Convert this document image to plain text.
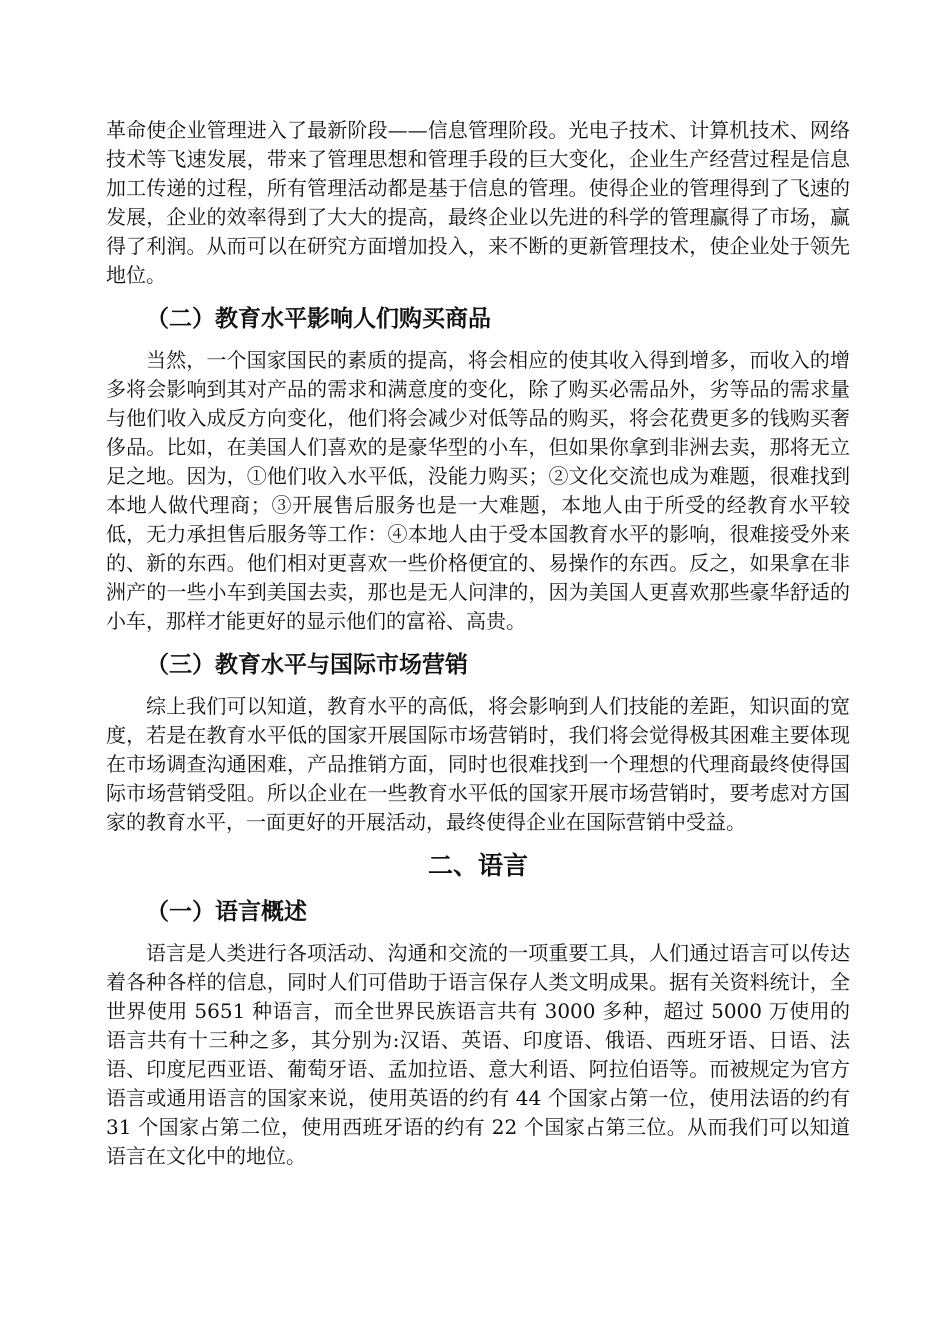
革命使企业管理进入了最新阶段——信息管理阶段。光电子技术、计算机技术、网络技术等飞速发展，带来了管理思想和管理手段的巨大变化，企业生产经营过程是信息加工传递的过程，所有管理活动都是基于信息的管理。使得企业的管理得到了飞速的发展，企业的效率得到了大大的提高，最终企业以先进的科学的管理赢得了市场，赢得了利润。从而可以在研究方面增加投入，来不断的更新管理技术，使企业处于领先地位。

（二）教育水平影响人们购买商品

当然，一个国家国民的素质的提高，将会相应的使其收入得到增多，而收入的增多将会影响到其对产品的需求和满意度的变化，除了购买必需品外，劣等品的需求量与他们收入成反方向变化，他们将会减少对低等品的购买，将会花费更多的钱购买奢侈品。比如，在美国人们喜欢的是豪华型的小车，但如果你拿到非洲去卖，那将无立足之地。因为，①他们收入水平低，没能力购买；②文化交流也成为难题，很难找到本地人做代理商；③开展售后服务也是一大难题，本地人由于所受的经教育水平较低，无力承担售后服务等工作：④本地人由于受本国教育水平的影响，很难接受外来的、新的东西。他们相对更喜欢一些价格便宜的、易操作的东西。反之，如果拿在非洲产的一些小车到美国去卖，那也是无人问津的，因为美国人更喜欢那些豪华舒适的小车，那样才能更好的显示他们的富裕、高贵。

（三）教育水平与国际市场营销

综上我们可以知道，教育水平的高低，将会影响到人们技能的差距，知识面的宽度，若是在教育水平低的国家开展国际市场营销时，我们将会觉得极其困难主要体现在市场调查沟通困难，产品推销方面，同时也很难找到一个理想的代理商最终使得国际市场营销受阻。所以企业在一些教育水平低的国家开展市场营销时，要考虑对方国家的教育水平，一面更好的开展活动，最终使得企业在国际营销中受益。

二、语言
（一）语言概述

语言是人类进行各项活动、沟通和交流的一项重要工具，人们通过语言可以传达着各种各样的信息，同时人们可借助于语言保存人类文明成果。据有关资料统计，全世界使用 5651 种语言，而全世界民族语言共有 3000 多种，超过 5000 万使用的语言共有十三种之多，其分别为:汉语、英语、印度语、俄语、西班牙语、日语、法语、印度尼西亚语、葡萄牙语、孟加拉语、意大利语、阿拉伯语等。而被规定为官方语言或通用语言的国家来说，使用英语的约有 44 个国家占第一位，使用法语的约有 31 个国家占第二位，使用西班牙语的约有 22 个国家占第三位。从而我们可以知道语言在文化中的地位。
